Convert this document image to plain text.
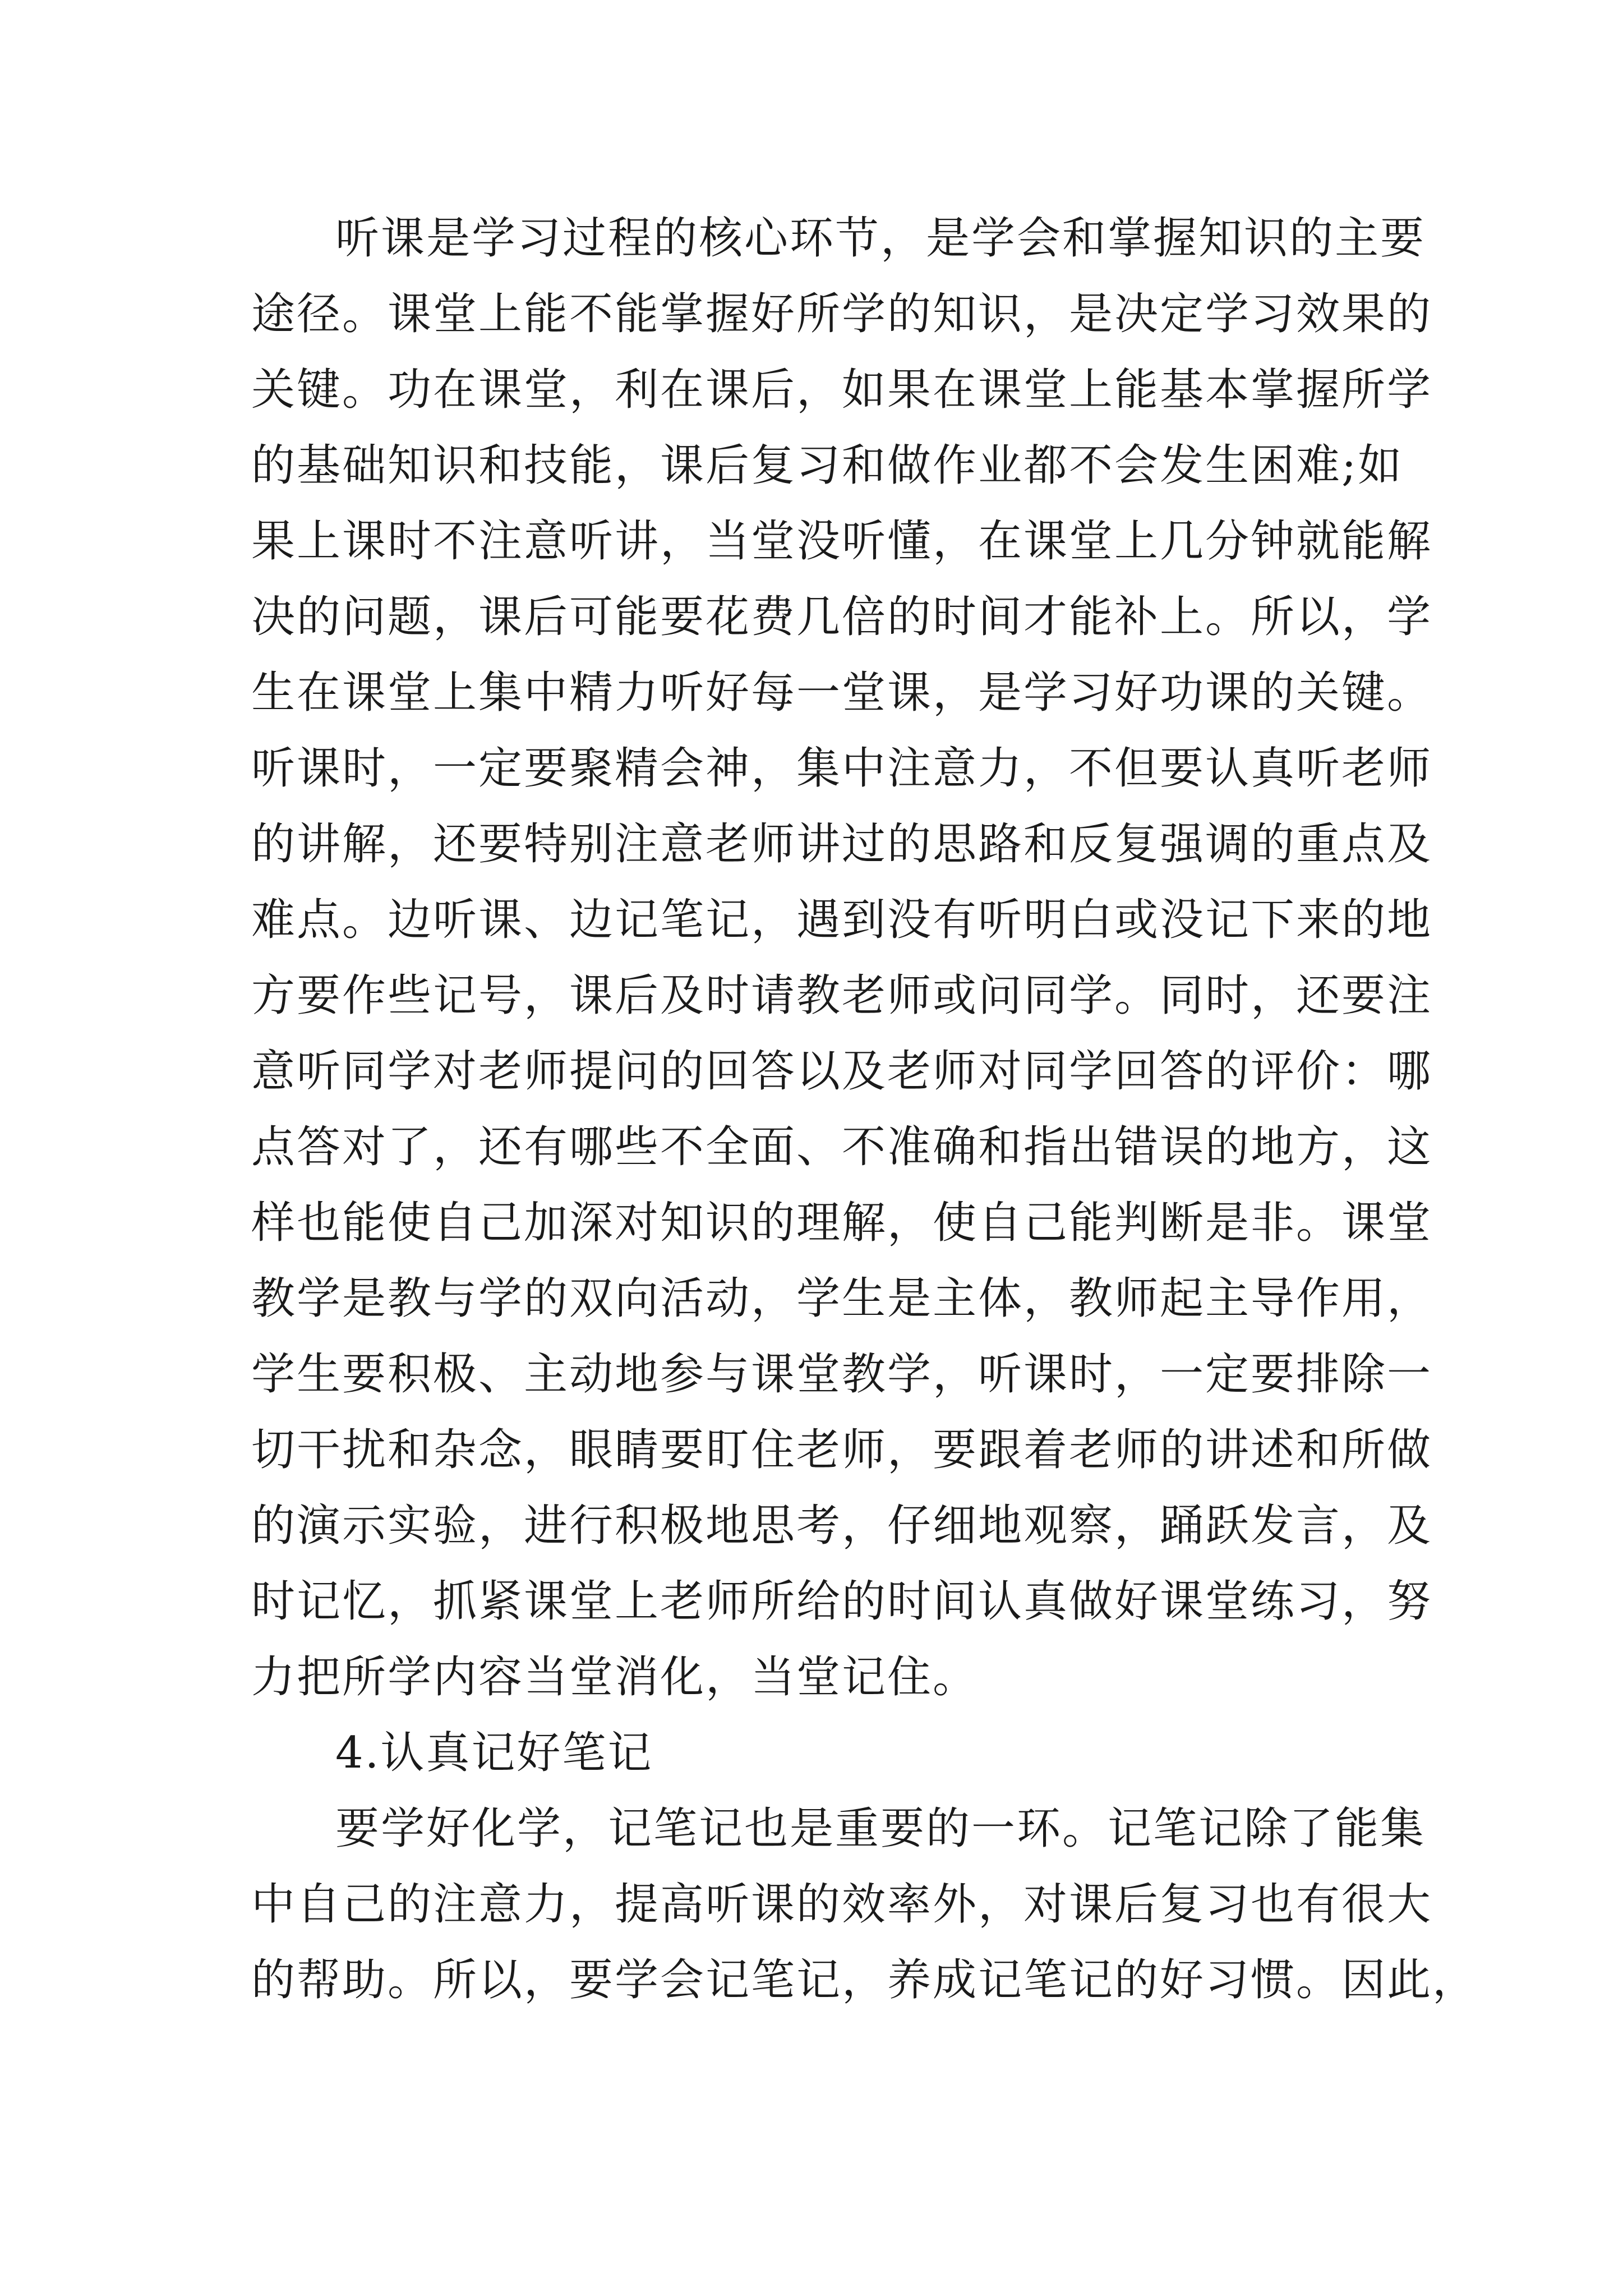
听课是学习过程的核心环节，是学会和掌握知识的主要
途径。课堂上能不能掌握好所学的知识，是决定学习效果的
关键。功在课堂，利在课后，如果在课堂上能基本掌握所学
的基础知识和技能，课后复习和做作业都不会发生困难;如
果上课时不注意听讲，当堂没听懂，在课堂上几分钟就能解
决的问题，课后可能要花费几倍的时间才能补上。所以，学
生在课堂上集中精力听好每一堂课，是学习好功课的关键。
听课时，一定要聚精会神，集中注意力，不但要认真听老师
的讲解，还要特别注意老师讲过的思路和反复强调的重点及
难点。边听课、边记笔记，遇到没有听明白或没记下来的地
方要作些记号，课后及时请教老师或问同学。同时，还要注
意听同学对老师提问的回答以及老师对同学回答的评价：哪
点答对了，还有哪些不全面、不准确和指出错误的地方，这
样也能使自己加深对知识的理解，使自己能判断是非。课堂
教学是教与学的双向活动，学生是主体，教师起主导作用，
学生要积极、主动地参与课堂教学，听课时，一定要排除一
切干扰和杂念，眼睛要盯住老师，要跟着老师的讲述和所做
的演示实验，进行积极地思考，仔细地观察，踊跃发言，及
时记忆，抓紧课堂上老师所给的时间认真做好课堂练习，努
力把所学内容当堂消化，当堂记住。
4.认真记好笔记
要学好化学，记笔记也是重要的一环。记笔记除了能集
中自己的注意力，提高听课的效率外，对课后复习也有很大
的帮助。所以，要学会记笔记，养成记笔记的好习惯。因此，
